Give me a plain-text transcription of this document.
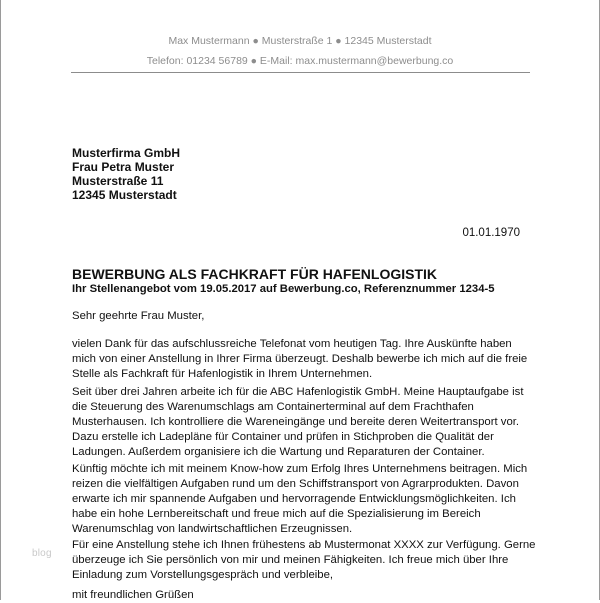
Max Mustermann ● Musterstraße 1 ● 12345 Musterstadt
Telefon: 01234 56789 ● E-Mail: max.mustermann@bewerbung.co
Musterfirma GmbH
Frau Petra Muster
Musterstraße 11
12345 Musterstadt
01.01.1970
BEWERBUNG ALS FACHKRAFT FÜR HAFENLOGISTIK
Ihr Stellenangebot vom 19.05.2017 auf Bewerbung.co, Referenznummer 1234-5
Sehr geehrte Frau Muster,
vielen Dank für das aufschlussreiche Telefonat vom heutigen Tag. Ihre Auskünfte haben
mich von einer Anstellung in Ihrer Firma überzeugt. Deshalb bewerbe ich mich auf die freie
Stelle als Fachkraft für Hafenlogistik in Ihrem Unternehmen.
Seit über drei Jahren arbeite ich für die ABC Hafenlogistik GmbH. Meine Hauptaufgabe ist
die Steuerung des Warenumschlags am Containerterminal auf dem Frachthafen
Musterhausen. Ich kontrolliere die Wareneingänge und bereite deren Weitertransport vor.
Dazu erstelle ich Ladepläne für Container und prüfen in Stichproben die Qualität der
Ladungen. Außerdem organisiere ich die Wartung und Reparaturen der Container.
Künftig möchte ich mit meinem Know-how zum Erfolg Ihres Unternehmens beitragen. Mich
reizen die vielfältigen Aufgaben rund um den Schiffstransport von Agrarprodukten. Davon
erwarte ich mir spannende Aufgaben und hervorragende Entwicklungsmöglichkeiten. Ich
habe ein hohe Lernbereitschaft und freue mich auf die Spezialisierung im Bereich
Warenumschlag von landwirtschaftlichen Erzeugnissen.
Für eine Anstellung stehe ich Ihnen frühestens ab Mustermonat XXXX zur Verfügung. Gerne
überzeuge ich Sie persönlich von mir und meinen Fähigkeiten. Ich freue mich über Ihre
Einladung zum Vorstellungsgespräch und verbleibe,
mit freundlichen Grüßen
blog
